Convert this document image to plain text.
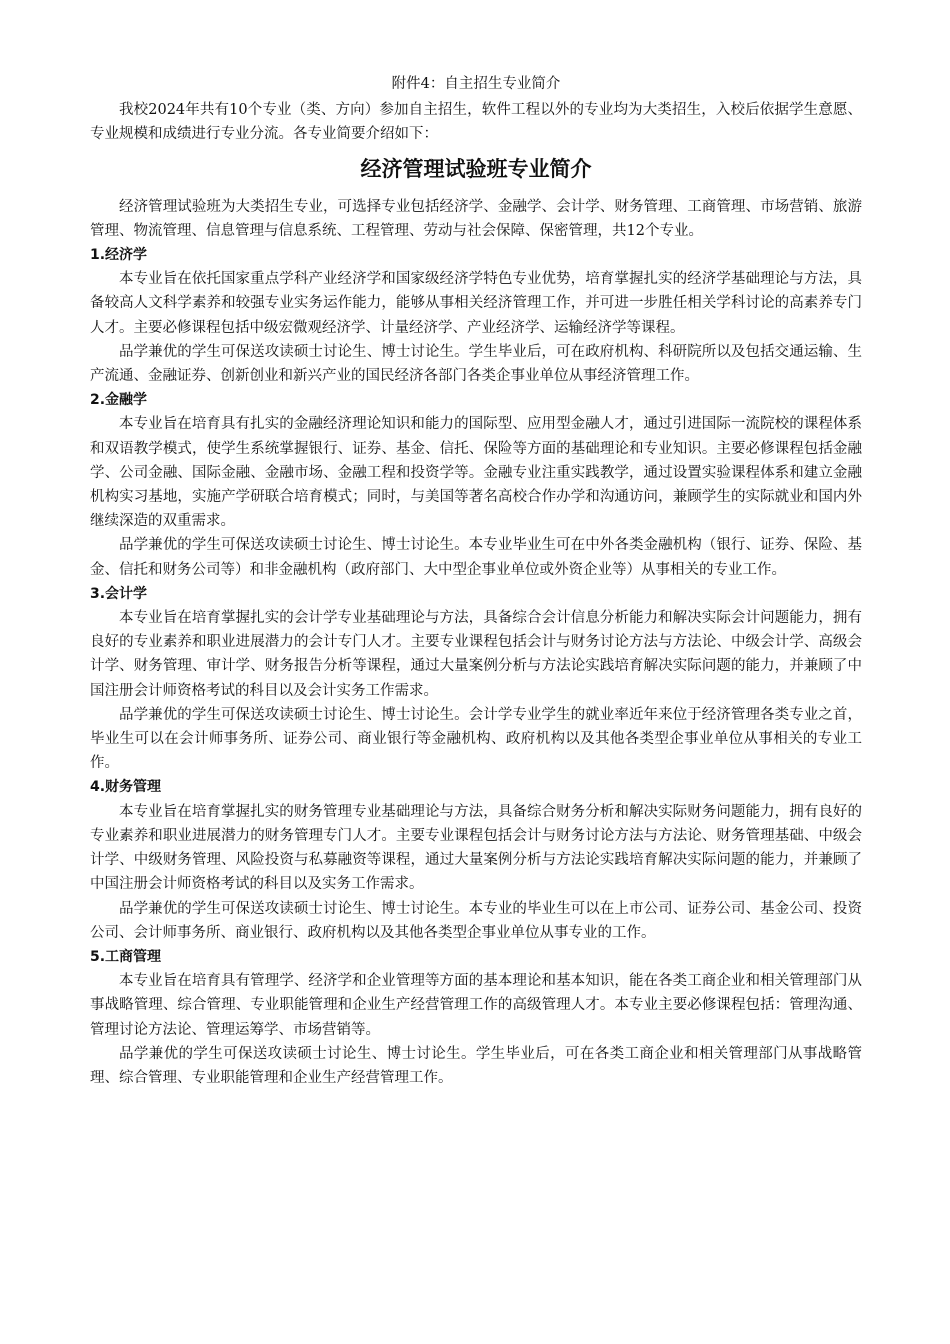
附件4：自主招生专业简介

我校2024年共有10个专业（类、方向）参加自主招生，软件工程以外的专业均为大类招生，入校后依据学生意愿、专业规模和成绩进行专业分流。各专业简要介绍如下：

经济管理试验班专业简介

经济管理试验班为大类招生专业，可选择专业包括经济学、金融学、会计学、财务管理、工商管理、市场营销、旅游管理、物流管理、信息管理与信息系统、工程管理、劳动与社会保障、保密管理，共12个专业。

1.经济学

本专业旨在依托国家重点学科产业经济学和国家级经济学特色专业优势，培育掌握扎实的经济学基础理论与方法，具备较高人文科学素养和较强专业实务运作能力，能够从事相关经济管理工作，并可进一步胜任相关学科讨论的高素养专门人才。主要必修课程包括中级宏微观经济学、计量经济学、产业经济学、运输经济学等课程。

品学兼优的学生可保送攻读硕士讨论生、博士讨论生。学生毕业后，可在政府机构、科研院所以及包括交通运输、生产流通、金融证券、创新创业和新兴产业的国民经济各部门各类企事业单位从事经济管理工作。

2.金融学

本专业旨在培育具有扎实的金融经济理论知识和能力的国际型、应用型金融人才，通过引进国际一流院校的课程体系和双语教学模式，使学生系统掌握银行、证券、基金、信托、保险等方面的基础理论和专业知识。主要必修课程包括金融学、公司金融、国际金融、金融市场、金融工程和投资学等。金融专业注重实践教学，通过设置实验课程体系和建立金融机构实习基地，实施产学研联合培育模式；同时，与美国等著名高校合作办学和沟通访问，兼顾学生的实际就业和国内外继续深造的双重需求。

品学兼优的学生可保送攻读硕士讨论生、博士讨论生。本专业毕业生可在中外各类金融机构（银行、证券、保险、基金、信托和财务公司等）和非金融机构（政府部门、大中型企事业单位或外资企业等）从事相关的专业工作。

3.会计学

本专业旨在培育掌握扎实的会计学专业基础理论与方法，具备综合会计信息分析能力和解决实际会计问题能力，拥有良好的专业素养和职业进展潜力的会计专门人才。主要专业课程包括会计与财务讨论方法与方法论、中级会计学、高级会计学、财务管理、审计学、财务报告分析等课程，通过大量案例分析与方法论实践培育解决实际问题的能力，并兼顾了中国注册会计师资格考试的科目以及会计实务工作需求。

品学兼优的学生可保送攻读硕士讨论生、博士讨论生。会计学专业学生的就业率近年来位于经济管理各类专业之首，毕业生可以在会计师事务所、证券公司、商业银行等金融机构、政府机构以及其他各类型企事业单位从事相关的专业工作。

4.财务管理

本专业旨在培育掌握扎实的财务管理专业基础理论与方法，具备综合财务分析和解决实际财务问题能力，拥有良好的专业素养和职业进展潜力的财务管理专门人才。主要专业课程包括会计与财务讨论方法与方法论、财务管理基础、中级会计学、中级财务管理、风险投资与私募融资等课程，通过大量案例分析与方法论实践培育解决实际问题的能力，并兼顾了中国注册会计师资格考试的科目以及实务工作需求。

品学兼优的学生可保送攻读硕士讨论生、博士讨论生。本专业的毕业生可以在上市公司、证券公司、基金公司、投资公司、会计师事务所、商业银行、政府机构以及其他各类型企事业单位从事专业的工作。

5.工商管理

本专业旨在培育具有管理学、经济学和企业管理等方面的基本理论和基本知识，能在各类工商企业和相关管理部门从事战略管理、综合管理、专业职能管理和企业生产经营管理工作的高级管理人才。本专业主要必修课程包括：管理沟通、管理讨论方法论、管理运筹学、市场营销等。

品学兼优的学生可保送攻读硕士讨论生、博士讨论生。学生毕业后，可在各类工商企业和相关管理部门从事战略管理、综合管理、专业职能管理和企业生产经营管理工作。
